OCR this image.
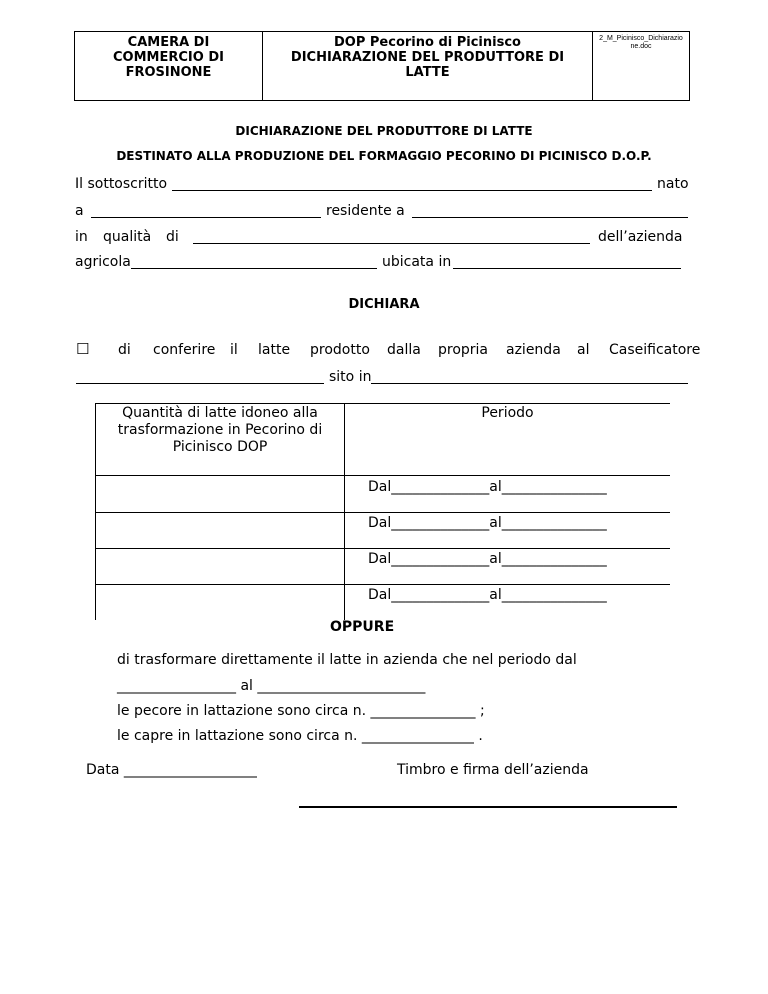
CAMERA DI
COMMERCIO DI
FROSINONE
DOP Pecorino di Picinisco
DICHIARAZIONE DEL PRODUTTORE DI
LATTE
2_M_Picinisco_Dichiarazio
ne.doc
DICHIARAZIONE DEL PRODUTTORE DI LATTE
DESTINATO ALLA PRODUZIONE DEL FORMAGGIO PECORINO DI PICINISCO D.O.P.
Il sottoscritto	nato
a	residente a
in qualità di	dell’azienda
agricola	ubicata in
DICHIARA
☐ di conferire il latte prodotto dalla propria azienda al Caseificatore
sito in
Quantità di latte idoneo alla
trasformazione in Pecorino di
Picinisco DOP
Periodo
Dal______________al_______________
Dal______________al_______________
Dal______________al_______________
Dal______________al_______________
OPPURE
di trasformare direttamente il latte in azienda che nel periodo dal
_________________ al ________________________
le pecore in lattazione sono circa n. _______________ ;
le capre in lattazione sono circa n. ________________ .
Data ___________________	Timbro e firma dell’azienda
